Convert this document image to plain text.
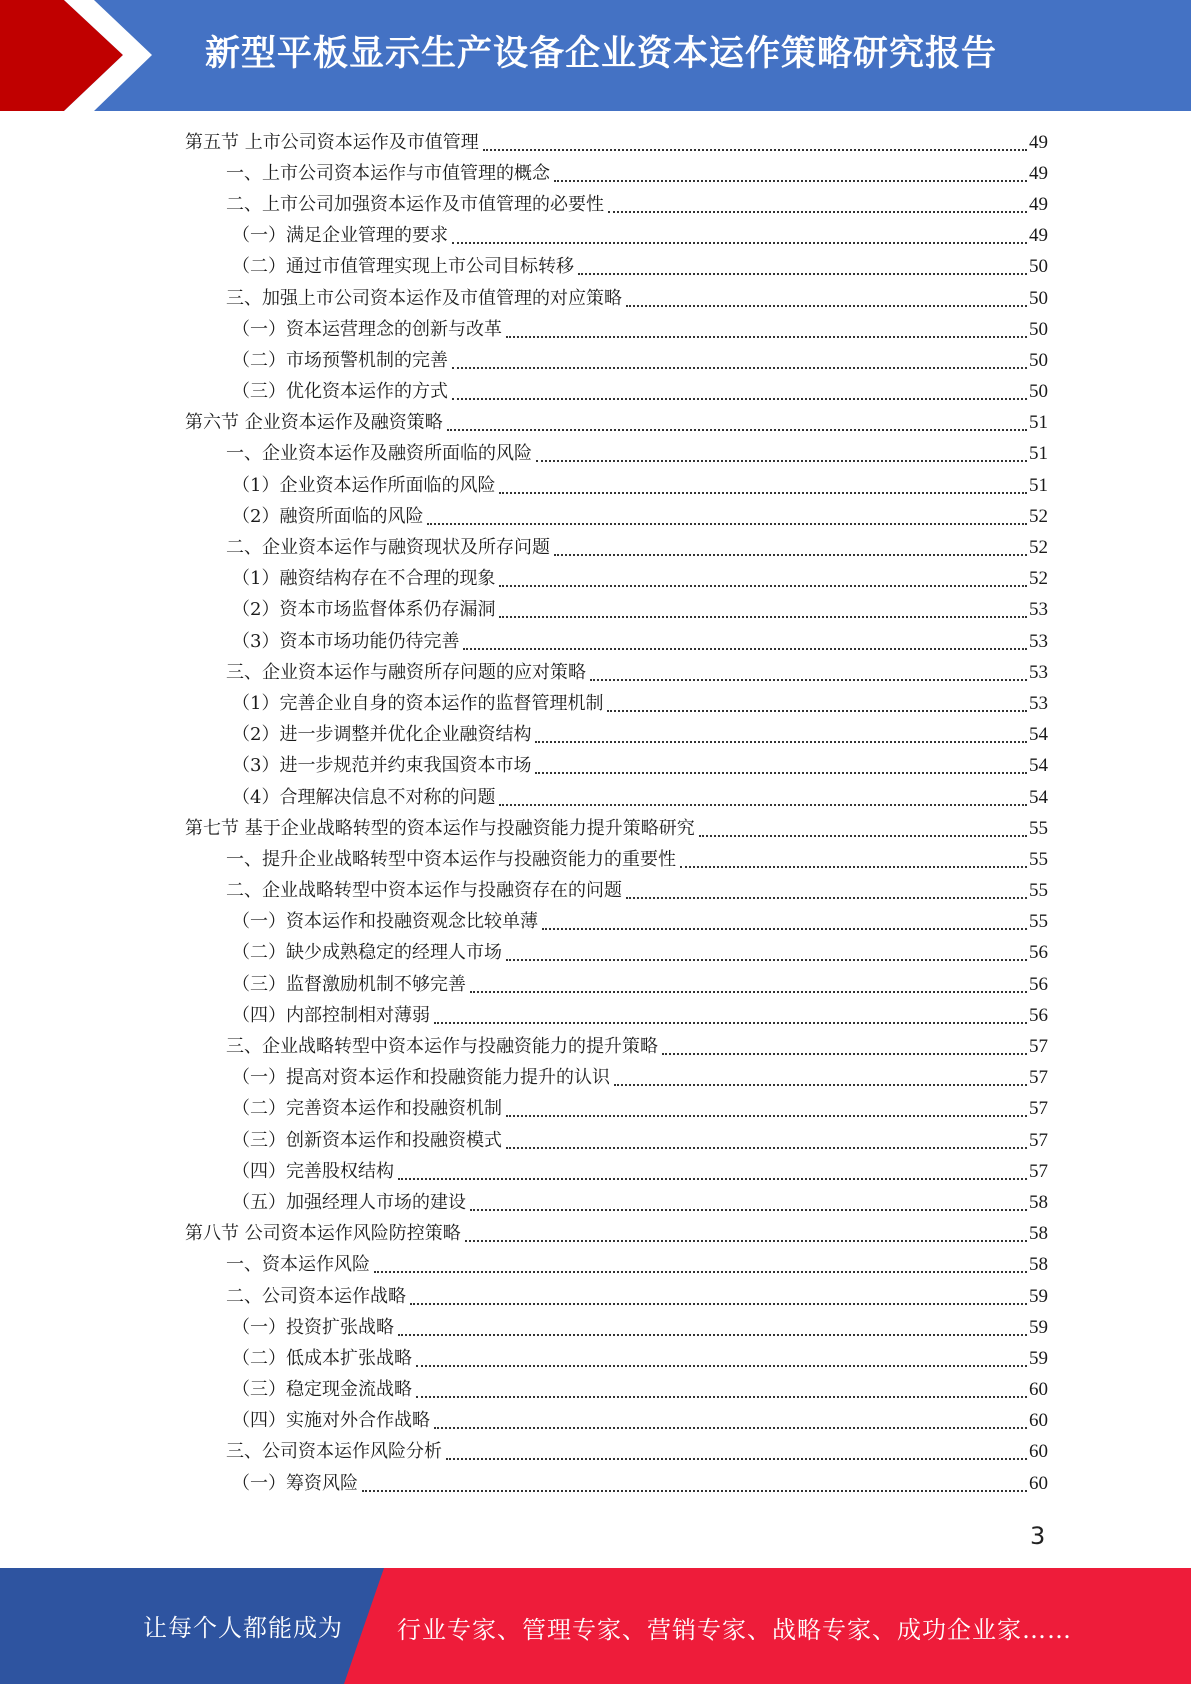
新型平板显示生产设备企业资本运作策略研究报告
第五节 上市公司资本运作及市值管理	49
一、上市公司资本运作与市值管理的概念	49
二、上市公司加强资本运作及市值管理的必要性	49
（一）满足企业管理的要求	49
（二）通过市值管理实现上市公司目标转移	50
三、加强上市公司资本运作及市值管理的对应策略	50
（一）资本运营理念的创新与改革	50
（二）市场预警机制的完善	50
（三）优化资本运作的方式	50
第六节 企业资本运作及融资策略	51
一、企业资本运作及融资所面临的风险	51
（1）企业资本运作所面临的风险	51
（2）融资所面临的风险	52
二、企业资本运作与融资现状及所存问题	52
（1）融资结构存在不合理的现象	52
（2）资本市场监督体系仍存漏洞	53
（3）资本市场功能仍待完善	53
三、企业资本运作与融资所存问题的应对策略	53
（1）完善企业自身的资本运作的监督管理机制	53
（2）进一步调整并优化企业融资结构	54
（3）进一步规范并约束我国资本市场	54
（4）合理解决信息不对称的问题	54
第七节 基于企业战略转型的资本运作与投融资能力提升策略研究	55
一、提升企业战略转型中资本运作与投融资能力的重要性	55
二、企业战略转型中资本运作与投融资存在的问题	55
（一）资本运作和投融资观念比较单薄	55
（二）缺少成熟稳定的经理人市场	56
（三）监督激励机制不够完善	56
（四）内部控制相对薄弱	56
三、企业战略转型中资本运作与投融资能力的提升策略	57
（一）提高对资本运作和投融资能力提升的认识	57
（二）完善资本运作和投融资机制	57
（三）创新资本运作和投融资模式	57
（四）完善股权结构	57
（五）加强经理人市场的建设	58
第八节 公司资本运作风险防控策略	58
一、资本运作风险	58
二、公司资本运作战略	59
（一）投资扩张战略	59
（二）低成本扩张战略	59
（三）稳定现金流战略	60
（四）实施对外合作战略	60
三、公司资本运作风险分析	60
（一）筹资风险	60
3
让每个人都能成为 行业专家、管理专家、营销专家、战略专家、成功企业家……
